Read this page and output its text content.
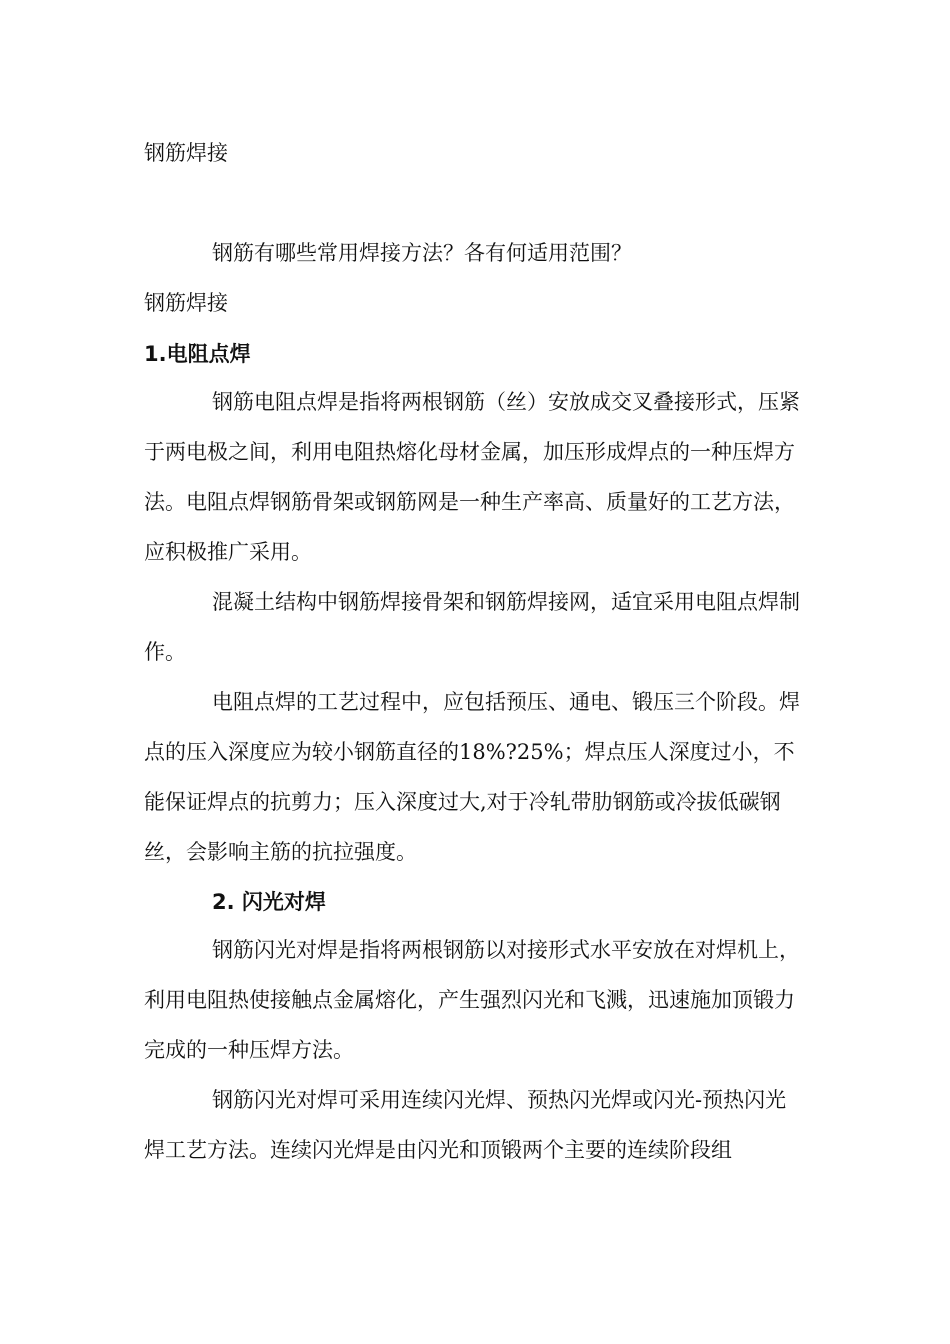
钢筋焊接

钢筋有哪些常用焊接方法？各有何适用范围？

钢筋焊接

1.电阻点焊

钢筋电阻点焊是指将两根钢筋（丝）安放成交叉叠接形式，压紧于两电极之间，利用电阻热熔化母材金属，加压形成焊点的一种压焊方法。电阻点焊钢筋骨架或钢筋网是一种生产率高、质量好的工艺方法，应积极推广采用。

混凝土结构中钢筋焊接骨架和钢筋焊接网，适宜采用电阻点焊制作。

电阻点焊的工艺过程中，应包括预压、通电、锻压三个阶段。焊点的压入深度应为较小钢筋直径的18%?25%；焊点压人深度过小，不能保证焊点的抗剪力；压入深度过大,对于冷轧带肋钢筋或冷拔低碳钢丝，会影响主筋的抗拉强度。

2. 闪光对焊

钢筋闪光对焊是指将两根钢筋以对接形式水平安放在对焊机上，利用电阻热使接触点金属熔化，产生强烈闪光和飞溅，迅速施加顶锻力完成的一种压焊方法。

钢筋闪光对焊可采用连续闪光焊、预热闪光焊或闪光-预热闪光焊工艺方法。连续闪光焊是由闪光和顶锻两个主要的连续阶段组
